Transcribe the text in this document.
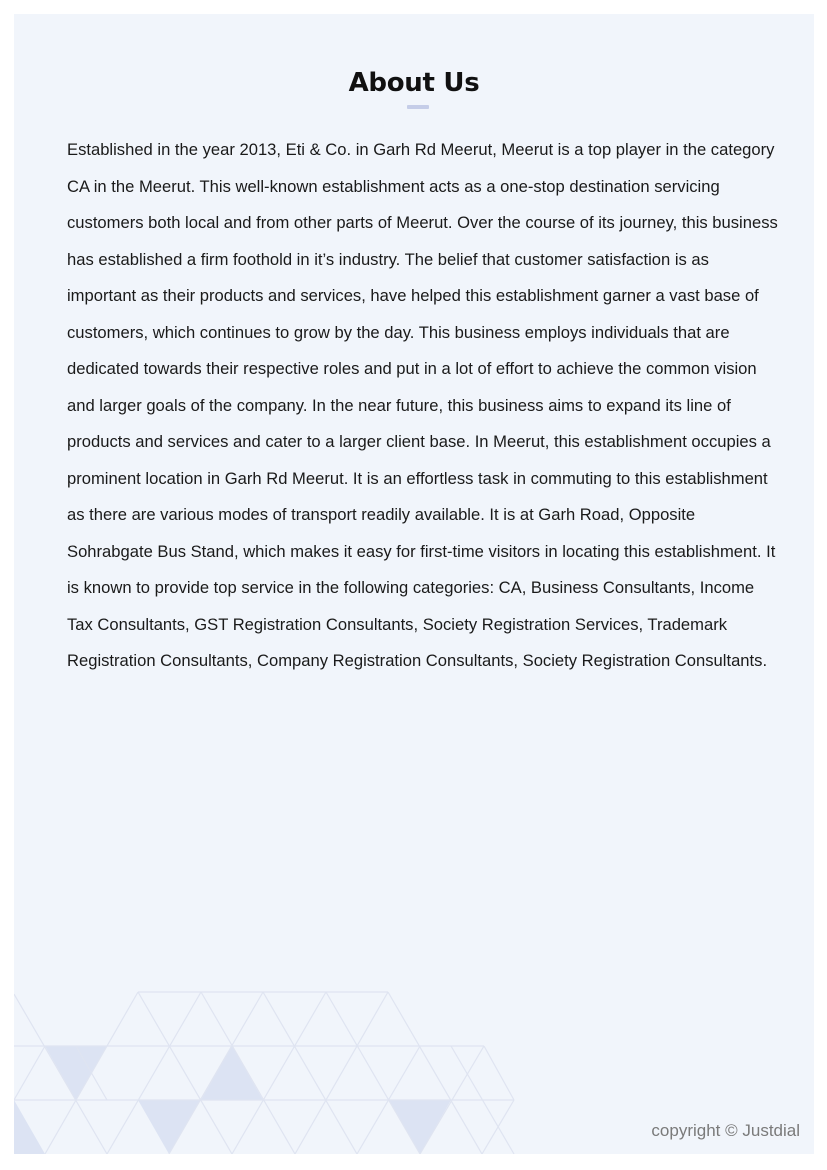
About Us

Established in the year 2013, Eti & Co. in Garh Rd Meerut, Meerut is a top player in the category CA in the Meerut. This well-known establishment acts as a one-stop destination servicing customers both local and from other parts of Meerut. Over the course of its journey, this business has established a firm foothold in it’s industry. The belief that customer satisfaction is as important as their products and services, have helped this establishment garner a vast base of customers, which continues to grow by the day. This business employs individuals that are dedicated towards their respective roles and put in a lot of effort to achieve the common vision and larger goals of the company. In the near future, this business aims to expand its line of products and services and cater to a larger client base. In Meerut, this establishment occupies a prominent location in Garh Rd Meerut. It is an effortless task in commuting to this establishment as there are various modes of transport readily available. It is at Garh Road, Opposite Sohrabgate Bus Stand, which makes it easy for first-time visitors in locating this establishment. It is known to provide top service in the following categories: CA, Business Consultants, Income Tax Consultants, GST Registration Consultants, Society Registration Services, Trademark Registration Consultants, Company Registration Consultants, Society Registration Consultants.

copyright © Justdial
